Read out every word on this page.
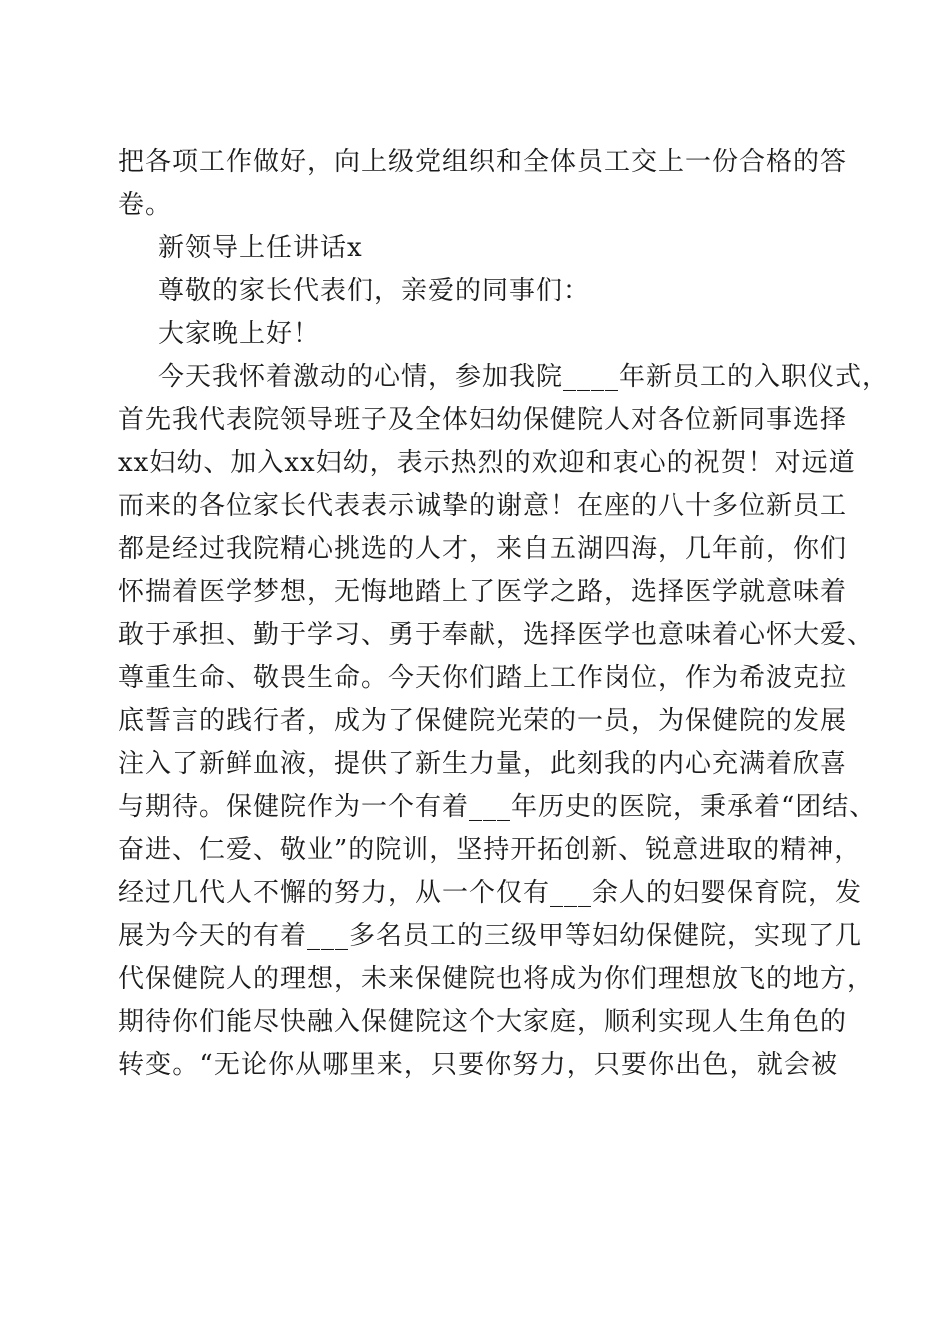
把各项工作做好，向上级党组织和全体员工交上一份合格的答
卷。
新领导上任讲话x
尊敬的家长代表们，亲爱的同事们：
大家晚上好！
今天我怀着激动的心情，参加我院____年新员工的入职仪式，
首先我代表院领导班子及全体妇幼保健院人对各位新同事选择
xx妇幼、加入xx妇幼，表示热烈的欢迎和衷心的祝贺！对远道
而来的各位家长代表表示诚挚的谢意！在座的八十多位新员工
都是经过我院精心挑选的人才，来自五湖四海，几年前，你们
怀揣着医学梦想，无悔地踏上了医学之路，选择医学就意味着
敢于承担、勤于学习、勇于奉献，选择医学也意味着心怀大爱、
尊重生命、敬畏生命。今天你们踏上工作岗位，作为希波克拉
底誓言的践行者，成为了保健院光荣的一员，为保健院的发展
注入了新鲜血液，提供了新生力量，此刻我的内心充满着欣喜
与期待。保健院作为一个有着___年历史的医院，秉承着“团结、
奋进、仁爱、敬业”的院训，坚持开拓创新、锐意进取的精神，
经过几代人不懈的努力，从一个仅有___余人的妇婴保育院，发
展为今天的有着___多名员工的三级甲等妇幼保健院，实现了几
代保健院人的理想，未来保健院也将成为你们理想放飞的地方，
期待你们能尽快融入保健院这个大家庭，顺利实现人生角色的
转变。“无论你从哪里来，只要你努力，只要你出色，就会被
